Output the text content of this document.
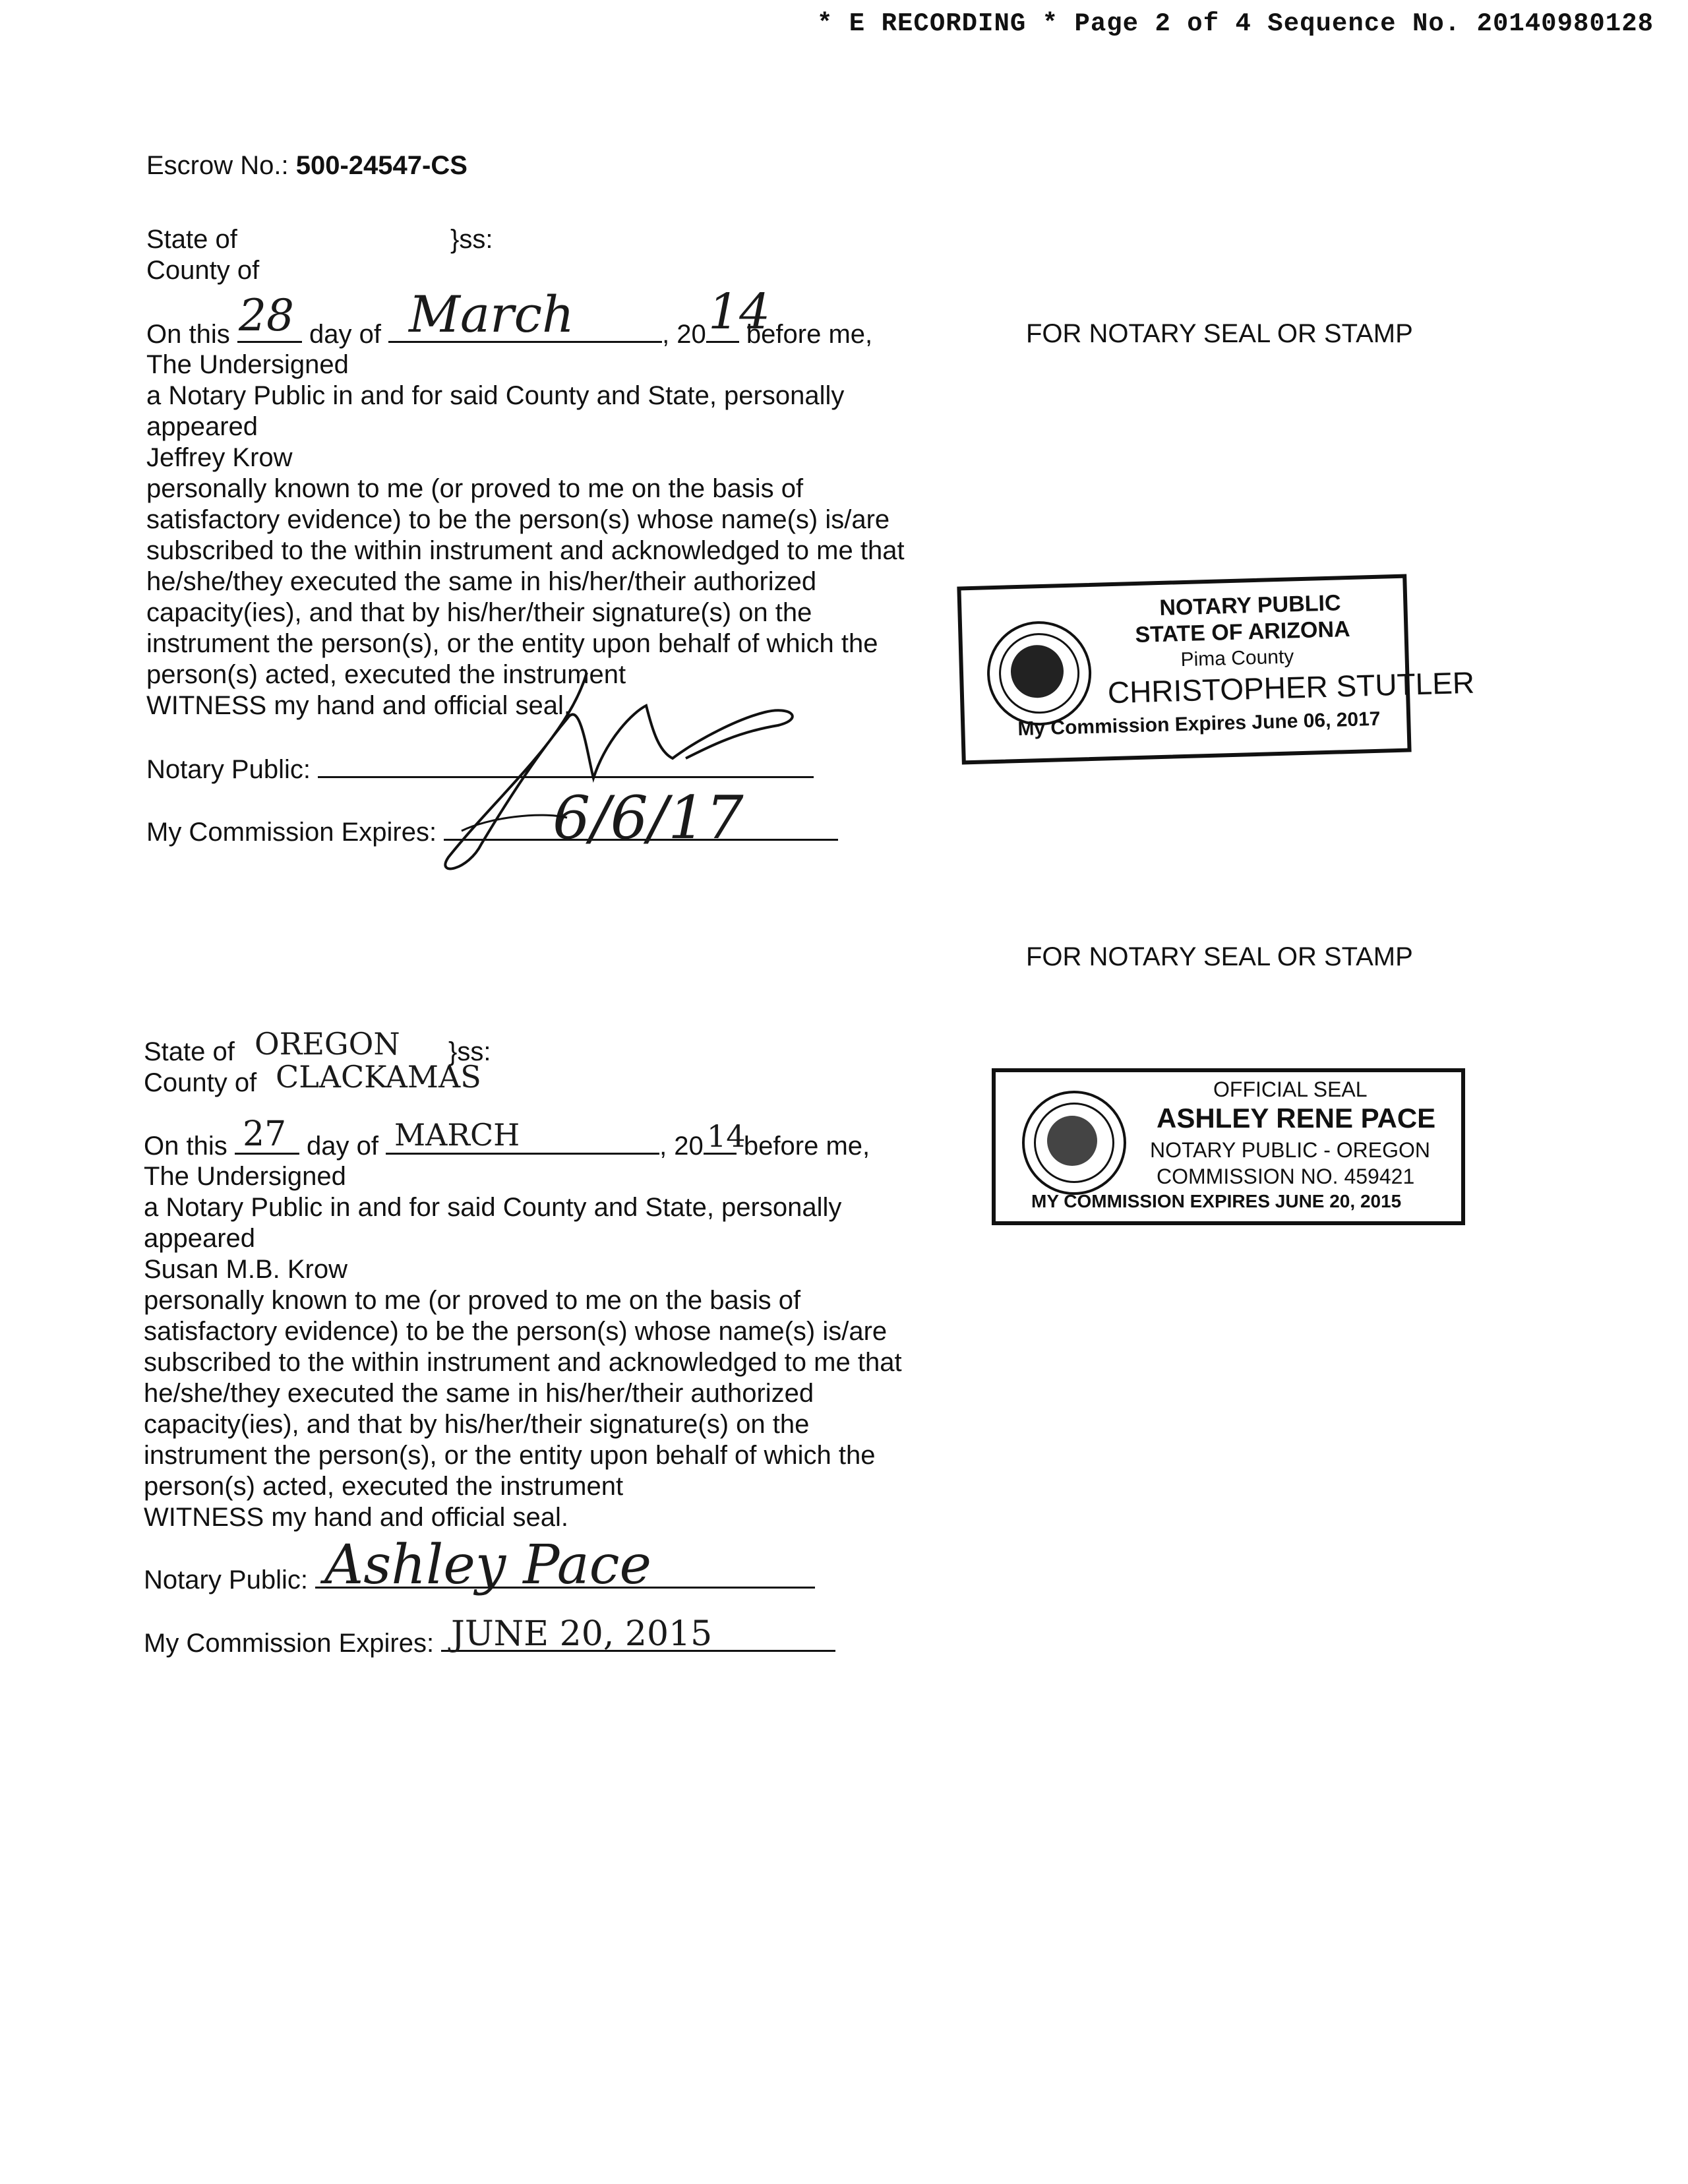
* E RECORDING * Page 2 of 4 Sequence No. 20140980128
Escrow No.: 500-24547-CS
State of	}ss:
County of
On this	day of	, 20 before me,
28 March	14
The Undersigned
a Notary Public in and for said County and State, personally
appeared
Jeffrey Krow
personally known to me (or proved to me on the basis of
satisfactory evidence) to be the person(s) whose name(s) is/are
subscribed to the within instrument and acknowledged to me that
he/she/they executed the same in his/her/their authorized
capacity(ies), and that by his/her/their signature(s) on the
instrument the person(s), or the entity upon behalf of which the
person(s) acted, executed the instrument
WITNESS my hand and official seal.
Notary Public:
My Commission Expires:	6/6/17
FOR NOTARY SEAL OR STAMP
NOTARY PUBLIC
STATE OF ARIZONA
Pima County
CHRISTOPHER STUTLER
My Commission Expires June 06, 2017
FOR NOTARY SEAL OR STAMP
State of OREGON }ss:
County of CLACKAMAS
On this	day of	, 20 before me,
27	MARCH	14
The Undersigned
a Notary Public in and for said County and State, personally
appeared
Susan M.B. Krow
personally known to me (or proved to me on the basis of
satisfactory evidence) to be the person(s) whose name(s) is/are
subscribed to the within instrument and acknowledged to me that
he/she/they executed the same in his/her/their authorized
capacity(ies), and that by his/her/their signature(s) on the
instrument the person(s), or the entity upon behalf of which the
person(s) acted, executed the instrument
WITNESS my hand and official seal.
Notary Public: Ashley Pace
My Commission Expires: JUNE 20, 2015
OFFICIAL SEAL
ASHLEY RENE PACE
NOTARY PUBLIC - OREGON
COMMISSION NO. 459421
MY COMMISSION EXPIRES JUNE 20, 2015
